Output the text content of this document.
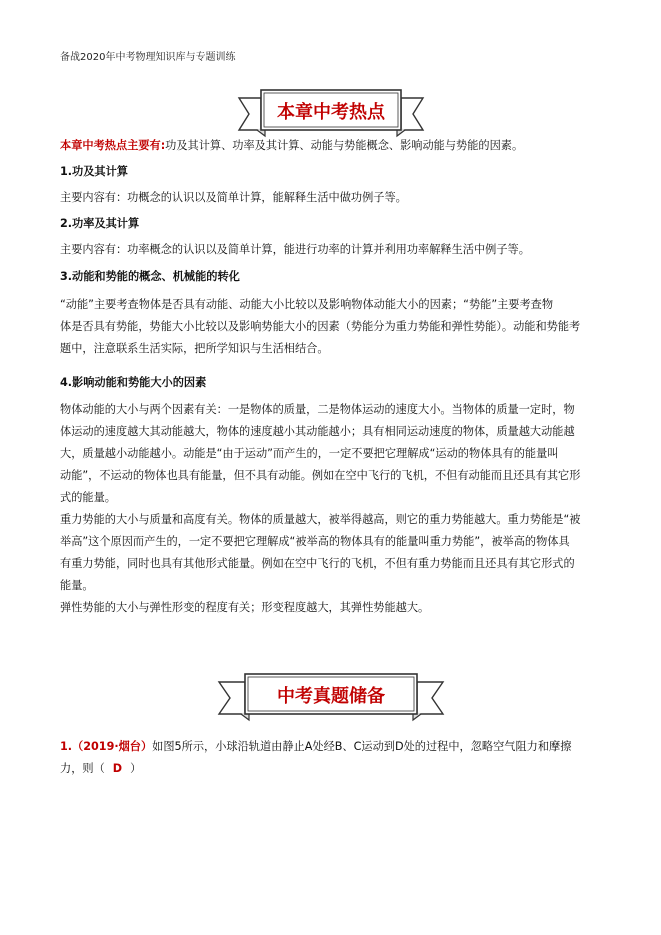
备战2020年中考物理知识库与专题训练
本章中考热点
本章中考热点主要有:功及其计算、功率及其计算、动能与势能概念、影响动能与势能的因素。
1.功及其计算
主要内容有：功概念的认识以及简单计算，能解释生活中做功例子等。
2.功率及其计算
主要内容有：功率概念的认识以及简单计算，能进行功率的计算并利用功率解释生活中例子等。
3.动能和势能的概念、机械能的转化
“动能”主要考查物体是否具有动能、动能大小比较以及影响物体动能大小的因素；“势能”主要考查物
体是否具有势能，势能大小比较以及影响势能大小的因素（势能分为重力势能和弹性势能）。动能和势能考
题中，注意联系生活实际，把所学知识与生活相结合。
4.影响动能和势能大小的因素
物体动能的大小与两个因素有关：一是物体的质量，二是物体运动的速度大小。当物体的质量一定时，物
体运动的速度越大其动能越大，物体的速度越小其动能越小；具有相同运动速度的物体，质量越大动能越
大，质量越小动能越小。动能是“由于运动”而产生的，一定不要把它理解成“运动的物体具有的能量叫
动能”，不运动的物体也具有能量，但不具有动能。例如在空中飞行的飞机，不但有动能而且还具有其它形
式的能量。
重力势能的大小与质量和高度有关。物体的质量越大，被举得越高，则它的重力势能越大。重力势能是“被
举高”这个原因而产生的，一定不要把它理解成“被举高的物体具有的能量叫重力势能”，被举高的物体具
有重力势能，同时也具有其他形式能量。例如在空中飞行的飞机，不但有重力势能而且还具有其它形式的
能量。
弹性势能的大小与弹性形变的程度有关；形变程度越大，其弹性势能越大。
中考真题储备
1.（2019·烟台）如图5所示，小球沿轨道由静止A处经B、C运动到D处的过程中，忽略空气阻力和摩擦
力，则（ D ）
